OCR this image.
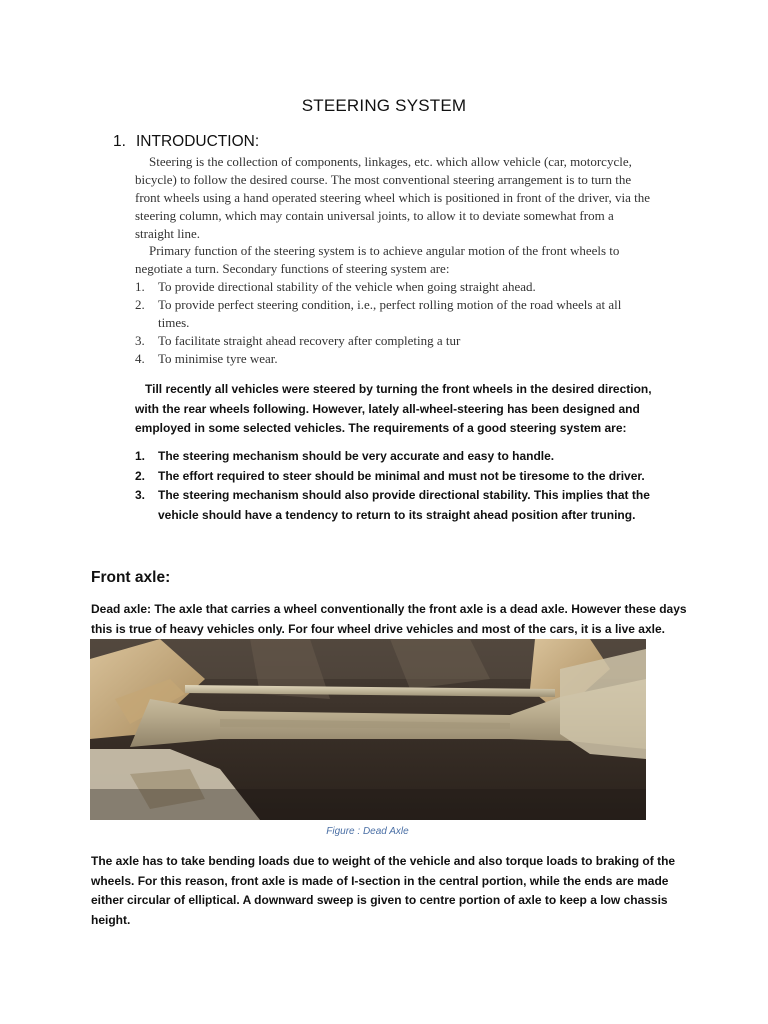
STEERING SYSTEM
1. INTRODUCTION:

Steering is the collection of components, linkages, etc. which allow vehicle (car, motorcycle, bicycle) to follow the desired course. The most conventional steering arrangement is to turn the front wheels using a hand operated steering wheel which is positioned in front of the driver, via the steering column, which may contain universal joints, to allow it to deviate somewhat from a straight line.

Primary function of the steering system is to achieve angular motion of the front wheels to negotiate a turn. Secondary functions of steering system are:

1. To provide directional stability of the vehicle when going straight ahead.
2. To provide perfect steering condition, i.e., perfect rolling motion of the road wheels at all times.
3. To facilitate straight ahead recovery after completing a tur
4. To minimise tyre wear.

Till recently all vehicles were steered by turning the front wheels in the desired direction, with the rear wheels following. However, lately all-wheel-steering has been designed and employed in some selected vehicles. The requirements of a good steering system are:

1. The steering mechanism should be very accurate and easy to handle.
2. The effort required to steer should be minimal and must not be tiresome to the driver.
3. The steering mechanism should also provide directional stability. This implies that the vehicle should have a tendency to return to its straight ahead position after truning.
Front axle:

Dead axle: The axle that carries a wheel conventionally the front axle is a dead axle. However these days this is true of heavy vehicles only. For four wheel drive vehicles and most of the cars, it is a live axle.

Figure : Dead Axle

The axle has to take bending loads due to weight of the vehicle and also torque loads to braking of the wheels. For this reason, front axle is made of I-section in the central portion, while the ends are made either circular of elliptical. A downward sweep is given to centre portion of axle to keep a low chassis height.
